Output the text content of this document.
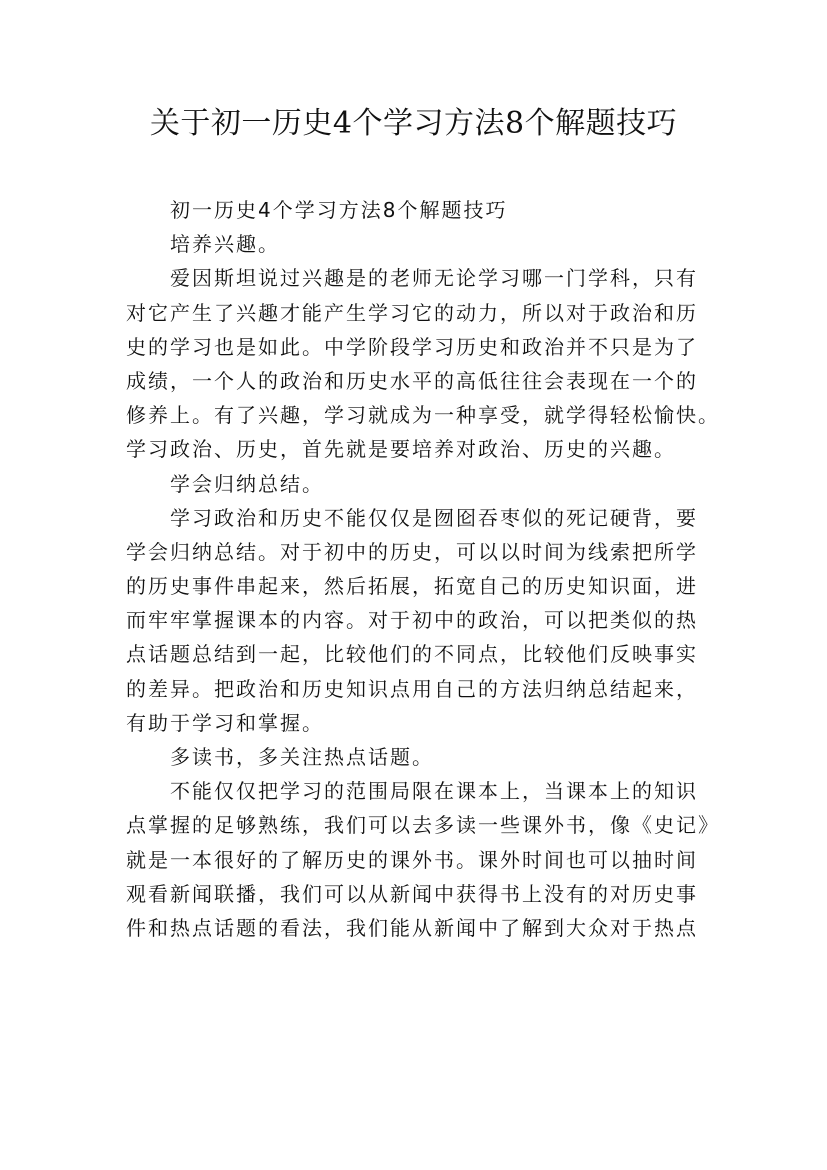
关于初一历史4个学习方法8个解题技巧
初一历史4个学习方法8个解题技巧
培养兴趣。
爱因斯坦说过兴趣是的老师无论学习哪一门学科，只有
对它产生了兴趣才能产生学习它的动力，所以对于政治和历
史的学习也是如此。中学阶段学习历史和政治并不只是为了
成绩，一个人的政治和历史水平的高低往往会表现在一个的
修养上。有了兴趣，学习就成为一种享受，就学得轻松愉快。
学习政治、历史，首先就是要培养对政治、历史的兴趣。
学会归纳总结。
学习政治和历史不能仅仅是囫囵吞枣似的死记硬背，要
学会归纳总结。对于初中的历史，可以以时间为线索把所学
的历史事件串起来，然后拓展，拓宽自己的历史知识面，进
而牢牢掌握课本的内容。对于初中的政治，可以把类似的热
点话题总结到一起，比较他们的不同点，比较他们反映事实
的差异。把政治和历史知识点用自己的方法归纳总结起来，
有助于学习和掌握。
多读书，多关注热点话题。
不能仅仅把学习的范围局限在课本上，当课本上的知识
点掌握的足够熟练，我们可以去多读一些课外书，像《史记》
就是一本很好的了解历史的课外书。课外时间也可以抽时间
观看新闻联播，我们可以从新闻中获得书上没有的对历史事
件和热点话题的看法，我们能从新闻中了解到大众对于热点
